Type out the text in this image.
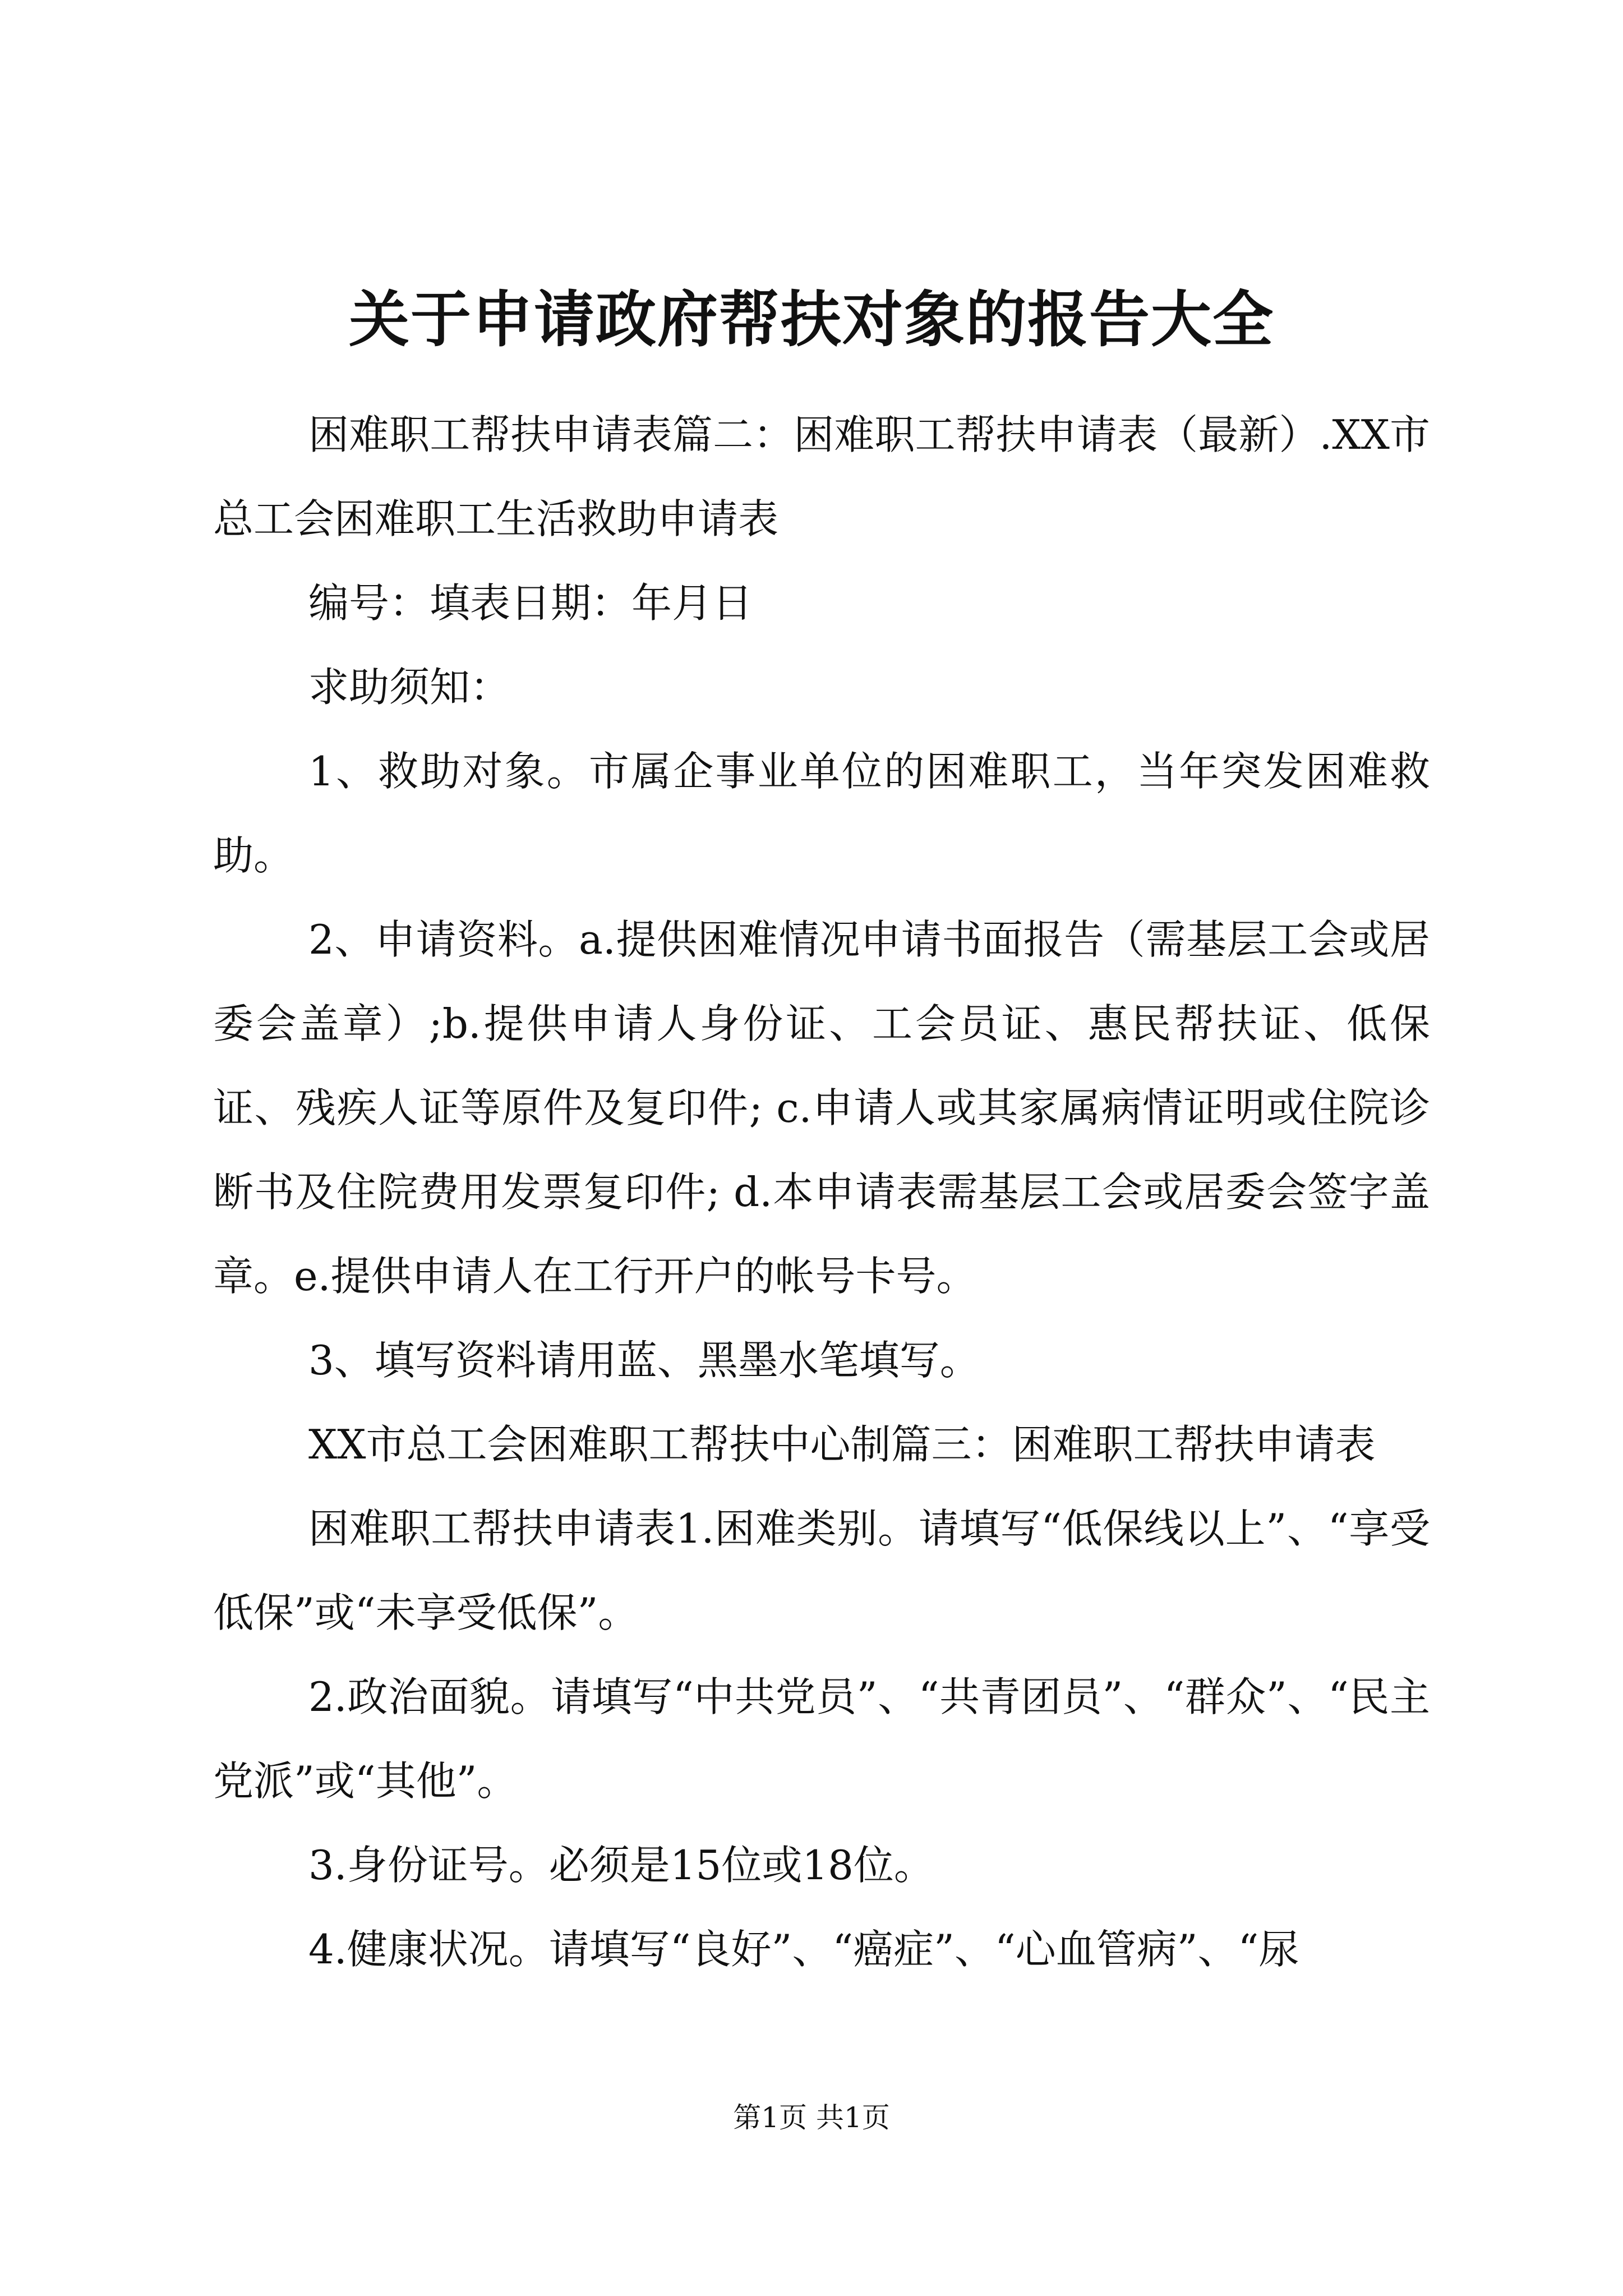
关于申请政府帮扶对象的报告大全

困难职工帮扶申请表篇二：困难职工帮扶申请表（最新）.XX市总工会困难职工生活救助申请表

编号：填表日期：年月日

求助须知：

1、救助对象。市属企事业单位的困难职工，当年突发困难救助。

2、申请资料。a.提供困难情况申请书面报告（需基层工会或居委会盖章）;b.提供申请人身份证、工会员证、惠民帮扶证、低保证、残疾人证等原件及复印件; c.申请人或其家属病情证明或住院诊断书及住院费用发票复印件; d.本申请表需基层工会或居委会签字盖章。e.提供申请人在工行开户的帐号卡号。

3、填写资料请用蓝、黑墨水笔填写。

XX市总工会困难职工帮扶中心制篇三：困难职工帮扶申请表

困难职工帮扶申请表1.困难类别。请填写“低保线以上”、“享受低保”或“未享受低保”。

2.政治面貌。请填写“中共党员”、“共青团员”、“群众”、“民主党派”或“其他”。

3.身份证号。必须是15位或18位。

4.健康状况。请填写“良好”、“癌症”、“心血管病”、“尿

第1页 共1页
